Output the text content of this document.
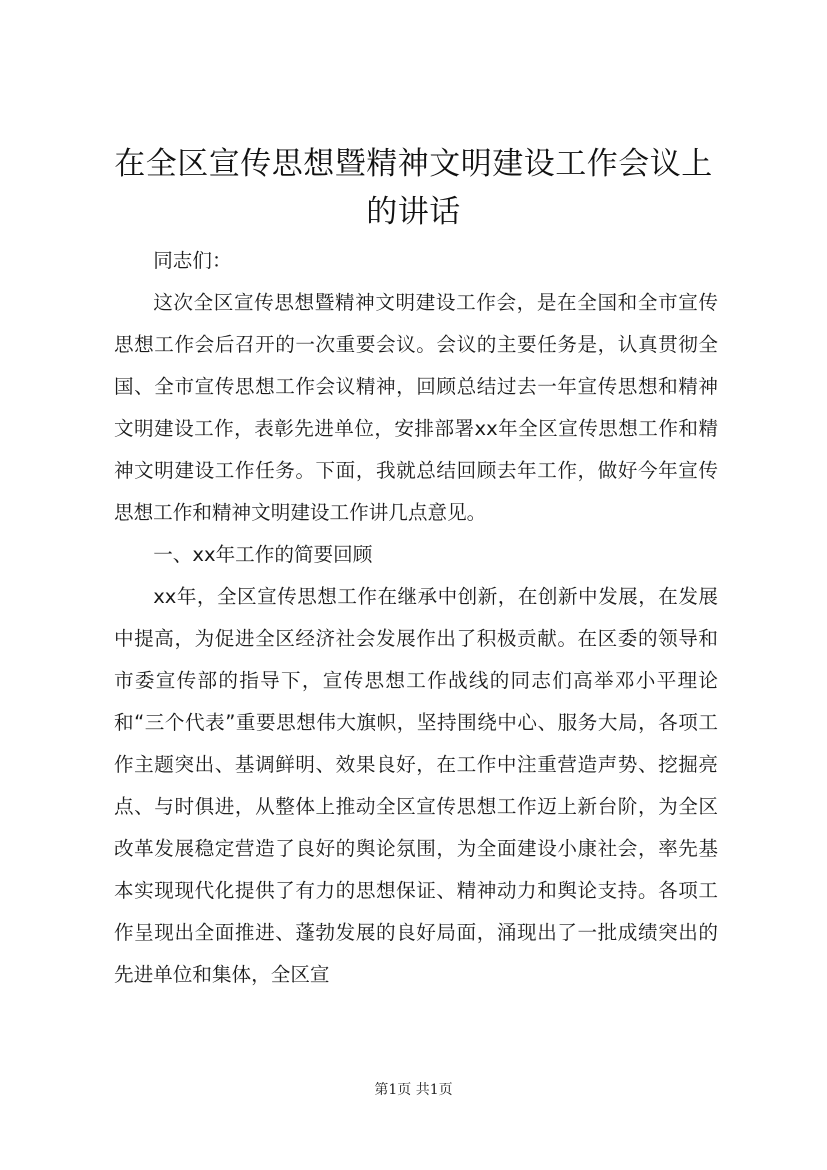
在全区宣传思想暨精神文明建设工作会议上的讲话

同志们：

这次全区宣传思想暨精神文明建设工作会，是在全国和全市宣传思想工作会后召开的一次重要会议。会议的主要任务是，认真贯彻全国、全市宣传思想工作会议精神，回顾总结过去一年宣传思想和精神文明建设工作，表彰先进单位，安排部署xx年全区宣传思想工作和精神文明建设工作任务。下面，我就总结回顾去年工作，做好今年宣传思想工作和精神文明建设工作讲几点意见。

一、xx年工作的简要回顾

xx年，全区宣传思想工作在继承中创新，在创新中发展，在发展中提高，为促进全区经济社会发展作出了积极贡献。在区委的领导和市委宣传部的指导下，宣传思想工作战线的同志们高举邓小平理论和“三个代表”重要思想伟大旗帜，坚持围绕中心、服务大局，各项工作主题突出、基调鲜明、效果良好，在工作中注重营造声势、挖掘亮点、与时俱进，从整体上推动全区宣传思想工作迈上新台阶，为全区改革发展稳定营造了良好的舆论氛围，为全面建设小康社会，率先基本实现现代化提供了有力的思想保证、精神动力和舆论支持。各项工作呈现出全面推进、蓬勃发展的良好局面，涌现出了一批成绩突出的先进单位和集体，全区宣

第1页 共1页
